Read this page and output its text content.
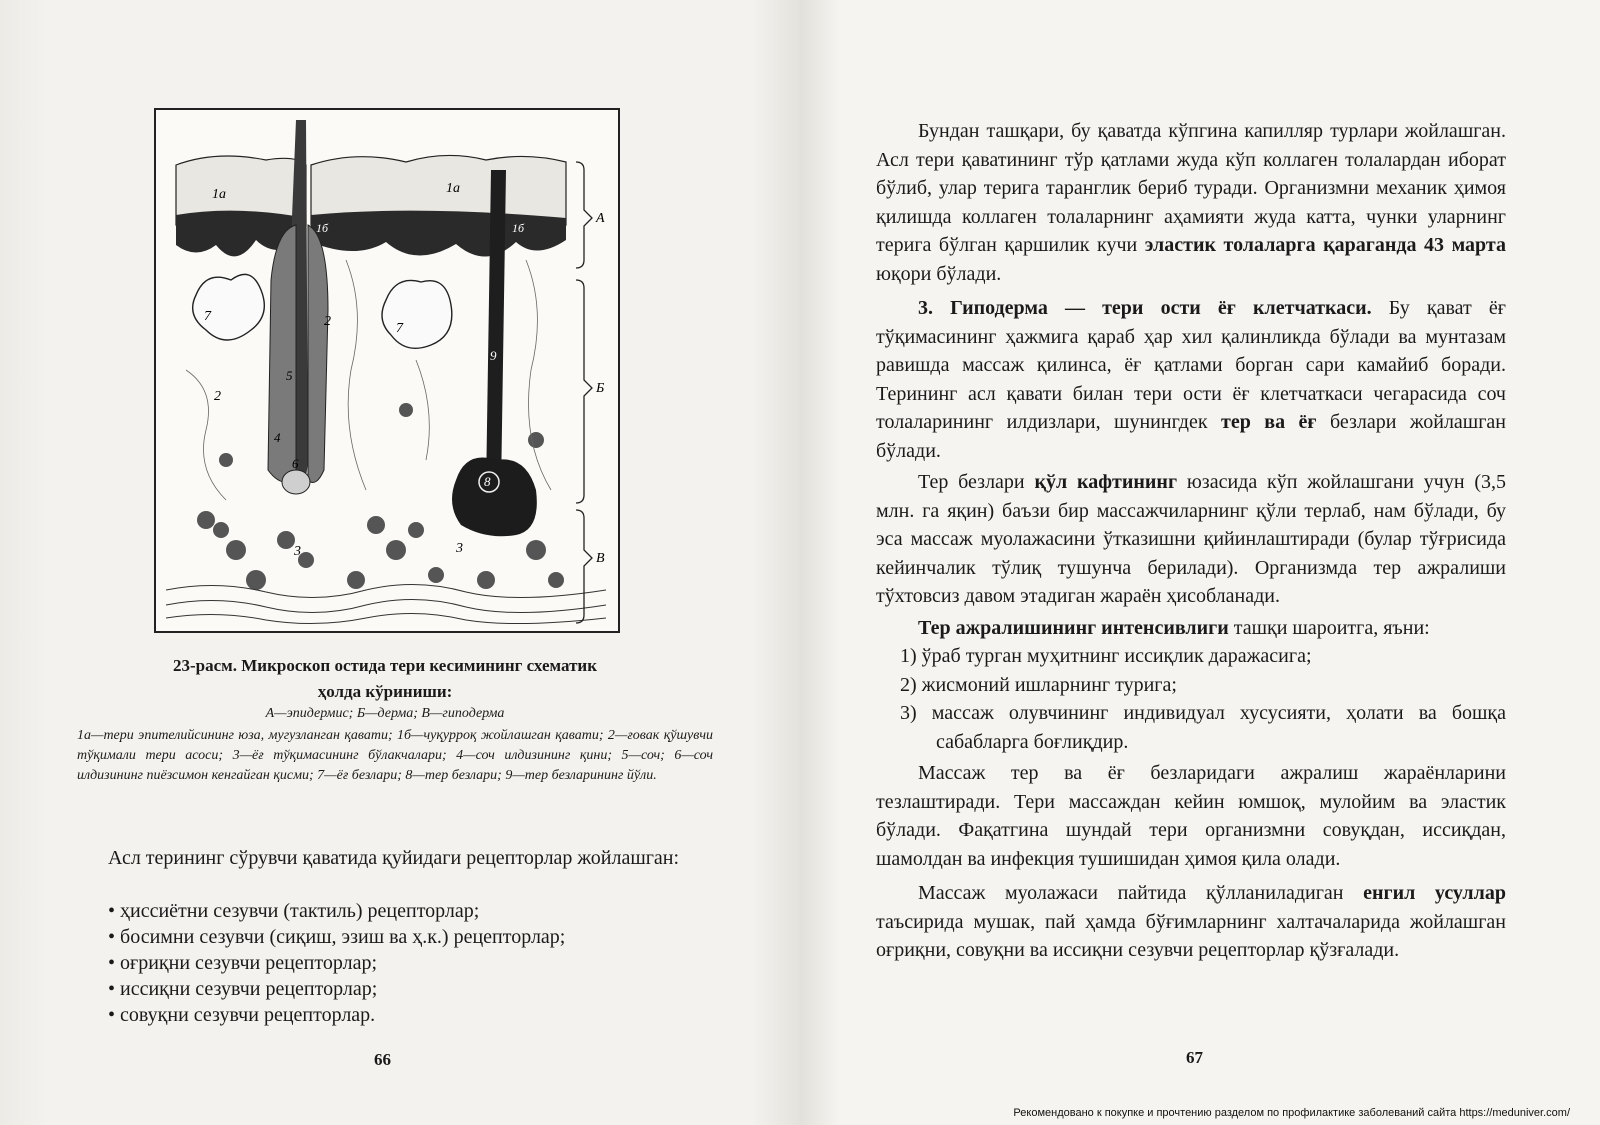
1а	1а
1б	1б
2
2
3	3
4
5
6
7
7
8
9
А
Б
В
23-расм. Микроскоп остида тери кесимининг схематик ҳолда кўриниши:
А—эпидермис; Б—дерма; В—гиподерма
1а—тери эпителийсининг юза, мугузланган қавати; 1б—чуқурроқ жойлашган қавати; 2—ғовак қўшувчи тўқимали тери асоси; 3—ёғ тўқимасининг бўлакчалари; 4—соч илдизининг қини; 5—соч; 6—соч илдизининг пиёзсимон кенгайган қисми; 7—ёғ безлари; 8—тер безлари; 9—тер безларининг йўли.
Асл терининг сўрувчи қаватида қуйидаги рецепторлар жойлашган:
• ҳиссиётни сезувчи (тактиль) рецепторлар;
• босимни сезувчи (сиқиш, эзиш ва ҳ.к.) рецепторлар;
• оғриқни сезувчи рецепторлар;
• иссиқни сезувчи рецепторлар;
• совуқни сезувчи рецепторлар.
66

Бундан ташқари, бу қаватда кўпгина капилляр турлари жойлашган. Асл тери қаватининг тўр қатлами жуда кўп коллаген толалардан иборат бўлиб, улар терига таранглик бериб туради. Организмни механик ҳимоя қилишда коллаген толаларнинг аҳамияти жуда катта, чунки уларнинг терига бўлган қаршилик кучи эластик толаларга қараганда 43 марта юқори бўлади.

3. Гиподерма — тери ости ёғ клетчаткаси. Бу қават ёғ тўқимасининг ҳажмига қараб ҳар хил қалинликда бўлади ва мунтазам равишда массаж қилинса, ёғ қатлами борган сари камайиб боради. Терининг асл қавати билан тери ости ёғ клетчаткаси чегарасида соч толаларининг илдизлари, шунингдек тер ва ёғ безлари жойлашган бўлади.

Тер безлари қўл кафтининг юзасида кўп жойлашгани учун (3,5 млн. га яқин) баъзи бир массажчиларнинг қўли терлаб, нам бўлади, бу эса массаж муолажасини ўтказишни қийинлаштиради (булар тўғрисида кейинчалик тўлиқ тушунча берилади). Организмда тер ажралиши тўхтовсиз давом этадиган жараён ҳисобланади.

Тер ажралишининг интенсивлиги ташқи шароитга, яъни:

1) ўраб турган муҳитнинг иссиқлик даражасига;
2) жисмоний ишларнинг турига;
3) массаж олувчининг индивидуал хусусияти, ҳолати ва бошқа сабабларга боғлиқдир.

Массаж тер ва ёғ безларидаги ажралиш жараёнларини тезлаштиради. Тери массаждан кейин юмшоқ, мулойим ва эластик бўлади. Фақатгина шундай тери организмни совуқдан, иссиқдан, шамолдан ва инфекция тушишидан ҳимоя қила олади.

Массаж муолажаси пайтида қўлланиладиган енгил усуллар таъсирида мушак, пай ҳамда бўғимларнинг халтачаларида жойлашган оғриқни, совуқни ва иссиқни сезувчи рецепторлар қўзғалади.

67
Рекомендовано к покупке и прочтению разделом по профилактике заболеваний сайта https://meduniver.com/
